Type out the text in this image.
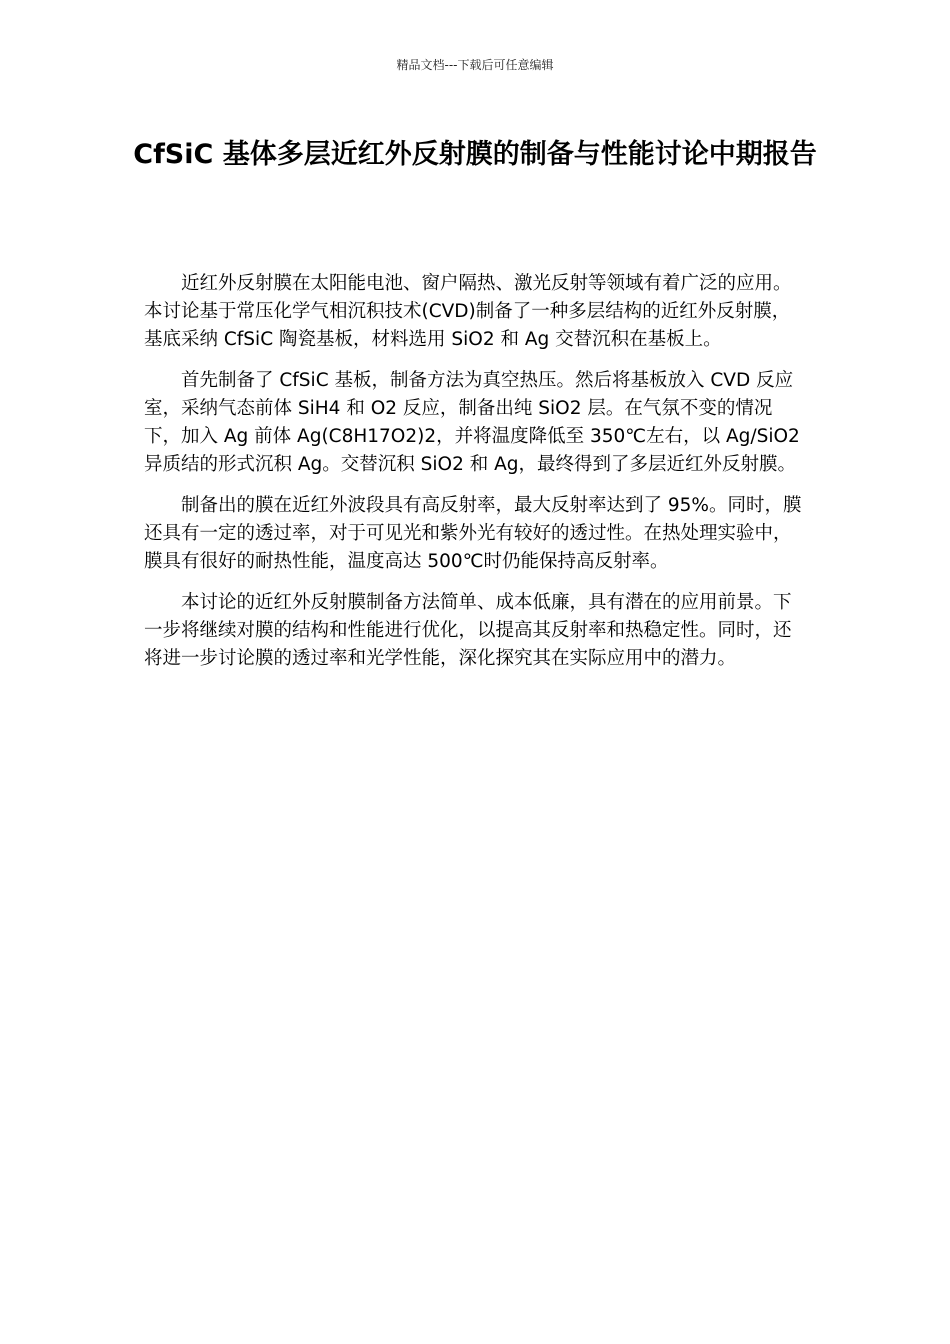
精品文档---下载后可任意编辑
CfSiC 基体多层近红外反射膜的制备与性能讨论中期报告

近红外反射膜在太阳能电池、窗户隔热、激光反射等领域有着广泛的应用。本讨论基于常压化学气相沉积技术(CVD)制备了一种多层结构的近红外反射膜，基底采纳 CfSiC 陶瓷基板，材料选用 SiO2 和 Ag 交替沉积在基板上。

首先制备了 CfSiC 基板，制备方法为真空热压。然后将基板放入 CVD 反应室，采纳气态前体 SiH4 和 O2 反应，制备出纯 SiO2 层。在气氛不变的情况下，加入 Ag 前体 Ag(C8H17O2)2，并将温度降低至 350℃左右，以 Ag/SiO2 异质结的形式沉积 Ag。交替沉积 SiO2 和 Ag，最终得到了多层近红外反射膜。

制备出的膜在近红外波段具有高反射率，最大反射率达到了 95%。同时，膜还具有一定的透过率，对于可见光和紫外光有较好的透过性。在热处理实验中，膜具有很好的耐热性能，温度高达 500℃时仍能保持高反射率。

本讨论的近红外反射膜制备方法简单、成本低廉，具有潜在的应用前景。下一步将继续对膜的结构和性能进行优化，以提高其反射率和热稳定性。同时，还将进一步讨论膜的透过率和光学性能，深化探究其在实际应用中的潜力。
